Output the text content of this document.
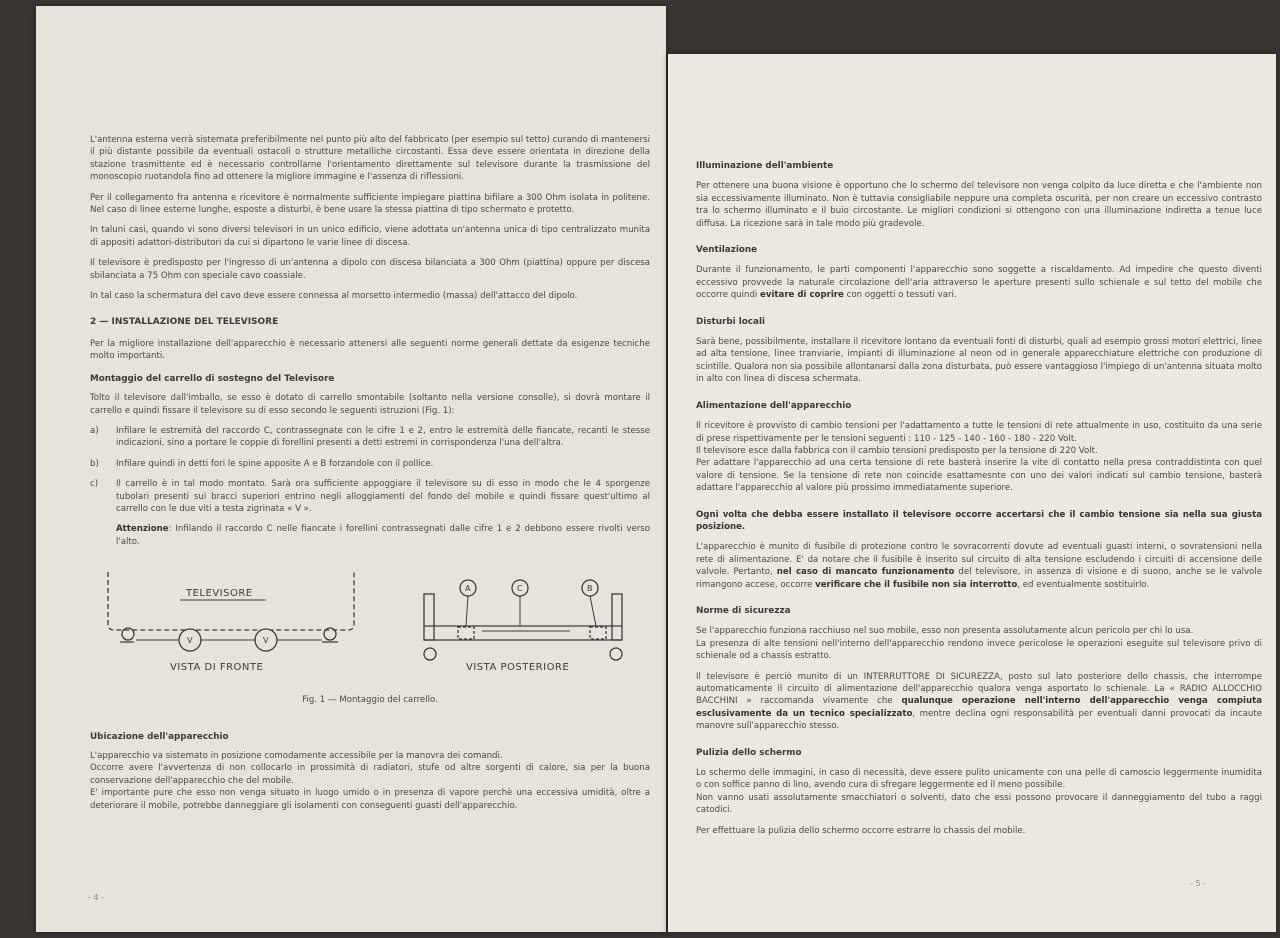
L'antenna esterna verrà sistemata preferibilmente nel punto più alto del fabbricato (per esempio sul tetto) curando di mantenersi il più distante possibile da eventuali ostacoli o strutture metalliche circostanti. Essa deve essere orientata in direzione della stazione trasmittente ed è necessario controllarne l'orientamento direttamente sul televisore durante la trasmissione del monoscopio ruotandola fino ad ottenere la migliore immagine e l'assenza di riflessioni.

Per il collegamento fra antenna e ricevitore è normalmente sufficiente impiegare piattina bifilare a 300 Ohm isolata in politene. Nel caso di linee esterne lunghe, esposte a disturbi, è bene usare la stessa piattina di tipo schermato e protetto.

In taluni casi, quando vi sono diversi televisori in un unico edificio, viene adottata un'antenna unica di tipo centralizzato munita di appositi adattori-distributori da cui si dipartono le varie linee di discesa.

Il televisore è predisposto per l'ingresso di un'antenna a dipolo con discesa bilanciata a 300 Ohm (piattina) oppure per discesa sbilanciata a 75 Ohm con speciale cavo coassiale.

In tal caso la schermatura del cavo deve essere connessa al morsetto intermedio (massa) dell'attacco del dipolo.

2 — INSTALLAZIONE DEL TELEVISORE

Per la migliore installazione dell'apparecchio è necessario attenersi alle seguenti norme generali dettate da esigenze tecniche molto importanti.

Montaggio del carrello di sostegno del Televisore

Tolto il televisore dall'imballo, se esso è dotato di carrello smontabile (soltanto nella versione consolle), si dovrà montare il carrello e quindi fissare il televisore su di esso secondo le seguenti istruzioni (Fig. 1):

a)	Infilare le estremità del raccordo C, contrassegnate con le cifre 1 e 2, entro le estremità delle fiancate, recanti le stesse indicazioni, sino a portare le coppie di forellini presenti a detti estremi in corrispondenza l'una dell'altra.
b)	Infilare quindi in detti fori le spine apposite A e B forzandole con il pollice.
c)	Il carrello è in tal modo montato. Sarà ora sufficiente appoggiare il televisore su di esso in modo che le 4 sporgenze tubolari presenti sui bracci superiori entrino negli alloggiamenti del fondo del mobile e quindi fissare quest'ultimo al carrello con le due viti a testa zigrinata « V ».

Attenzione: Infilando il raccordo C nelle fiancate i forellini contrassegnati dalle cifre 1 e 2 debbono essere rivolti verso l'alto.

TELEVISORE
V	V
VISTA DI FRONTE
A	C	B
VISTA POSTERIORE

Fig. 1 — Montaggio del carrello.

Ubicazione dell'apparecchio

L'apparecchio va sistemato in posizione comodamente accessibile per la manovra dei comandi.

Occorre avere l'avvertenza di non collocarlo in prossimità di radiatori, stufe od altre sorgenti di calore, sia per la buona conservazione dell'apparecchio che del mobile.

E' importante pure che esso non venga situato in luogo umido o in presenza di vapore perchè una eccessiva umidità, oltre a deteriorare il mobile, potrebbe danneggiare gli isolamenti con conseguenti guasti dell'apparecchio.

- 4 -
Illuminazione dell'ambiente

Per ottenere una buona visione è opportuno che lo schermo del televisore non venga colpito da luce diretta e che l'ambiente non sia eccessivamente illuminato. Non è tuttavia consigliabile neppure una completa oscurità, per non creare un eccessivo contrasto tra lo schermo illuminato e il buio circostante. Le migliori condizioni si ottengono con una illuminazione indiretta a tenue luce diffusa. La ricezione sarà in tale modo più gradevole.

Ventilazione

Durante il funzionamento, le parti componenti l'apparecchio sono soggette a riscaldamento. Ad impedire che questo diventi eccessivo provvede la naturale circolazione dell'aria attraverso le aperture presenti sullo schienale e sul tetto del mobile che occorre quindi evitare di coprire con oggetti o tessuti vari.

Disturbi locali

Sarà bene, possibilmente, installare il ricevitore lontano da eventuali fonti di disturbi, quali ad esempio grossi motori elettrici, linee ad alta tensione, linee tranviarie, impianti di illuminazione al neon od in generale apparecchiature elettriche con produzione di scintille. Qualora non sia possibile allontanarsi dalla zona disturbata, può essere vantaggioso l'impiego di un'antenna situata molto in alto con linea di discesa schermata.

Alimentazione dell'apparecchio

Il ricevitore è provvisto di cambio tensioni per l'adattamento a tutte le tensioni di rete attualmente in uso, costituito da una serie di prese rispettivamente per le tensioni seguenti : 110 - 125 - 140 - 160 - 180 - 220 Volt.

Il televisore esce dalla fabbrica con il cambio tensioni predisposto per la tensione di 220 Volt.

Per adattare l'apparecchio ad una certa tensione di rete basterà inserire la vite di contatto nella presa contraddistinta con quel valore di tensione. Se la tensione di rete non coincide esattamesnte con uno dei valori indicati sul cambio tensione, basterà adattare l'apparecchio al valore più prossimo immediatamente superiore.

Ogni volta che debba essere installato il televisore occorre accertarsi che il cambio tensione sia nella sua giusta posizione.

L'apparecchio è munito di fusibile di protezione contro le sovracorrenti dovute ad eventuali guasti interni, o sovratensioni nella rete di alimentazione. E' da notare che il fusibile è inserito sul circuito di alta tensione escludendo i circuiti di accensione delle valvole. Pertanto, nel caso di mancato funzionamento del televisore, in assenza di visione e di suono, anche se le valvole rimangono accese, occorre verificare che il fusibile non sia interrotto, ed eventualmente sostituirlo.

Norme di sicurezza

Se l'apparecchio funziona racchiuso nel suo mobile, esso non presenta assolutamente alcun pericolo per chi lo usa.

La presenza di alte tensioni nell'interno dell'apparecchio rendono invece pericolose le operazioni eseguite sul televisore privo di schienale od a chassis estratto.

Il televisore è perciò munito di un INTERRUTTORE DI SICUREZZA, posto sul lato posteriore dello chassis, che interrompe automaticamente il circuito di alimentazione dell'apparecchio qualora venga asportato lo schienale. La « RADIO ALLOCCHIO BACCHINI » raccomanda vivamente che qualunque operazione nell'interno dell'apparecchio venga compiuta esclusivamente da un tecnico specializzato, mentre declina ogni responsabilità per eventuali danni provocati da incaute manovre sull'apparecchio stesso.

Pulizia dello schermo

Lo schermo delle immagini, in caso di necessità, deve essere pulito unicamente con una pelle di camoscio leggermente inumidita o con soffice panno di lino, avendo cura di sfregare leggermente ed il meno possibile.

Non vanno usati assolutamente smacchiatori o solventi, dato che essi possono provocare il danneggiamento del tubo a raggi catodici.

Per effettuare la pulizia dello schermo occorre estrarre lo chassis del mobile.

- 5 -
